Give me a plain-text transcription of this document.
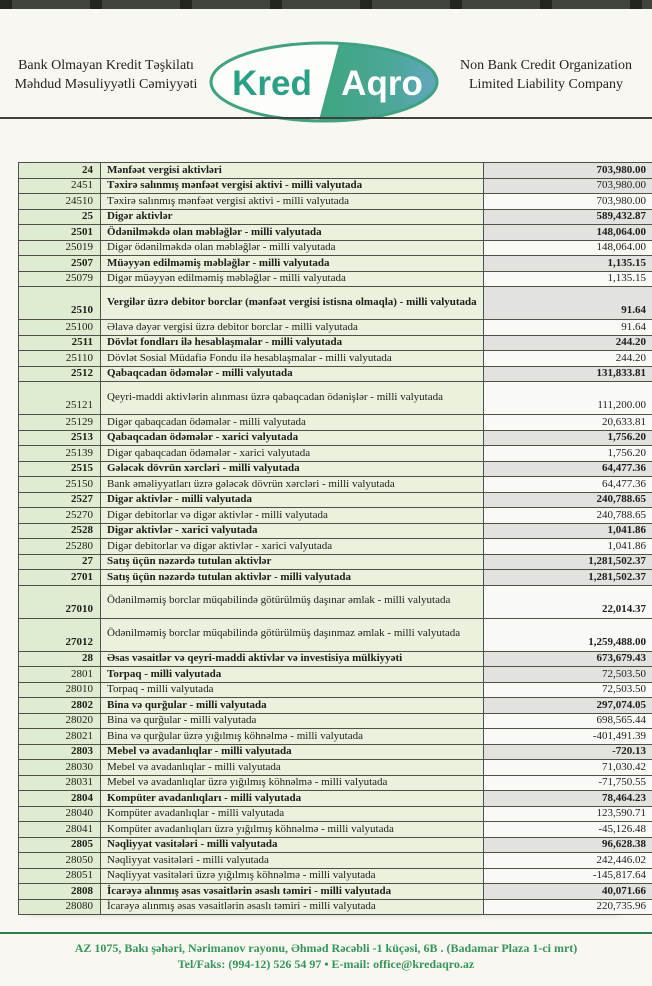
Bank Olmayan Kredit Təşkilatı
Məhdud Məsuliyyətli Cəmiyyəti Kred Aqro	Non Bank Credit Organization
Limited Liability Company
24	Mənfəət vergisi aktivləri	703,980.00
2451	Təxirə salınmış mənfəət vergisi aktivi - milli valyutada	703,980.00
24510	Təxirə salınmış mənfəət vergisi aktivi - milli valyutada	703,980.00
25	Digər aktivlər	589,432.87
2501	Ödənilməkdə olan məbləğlər - milli valyutada	148,064.00
25019	Digər ödənilməkdə olan məbləğlər - milli valyutada	148,064.00
2507	Müəyyən edilməmiş məbləğlər - milli valyutada	1,135.15
25079	Digər müəyyən edilməmiş məbləğlər - milli valyutada	1,135.15
2510	Vergilər üzrə debitor borclar (mənfəət vergisi istisna olmaqla) - milli valyutada	91.64
25100	Əlavə dəyər vergisi üzrə debitor borclar - milli valyutada	91.64
2511	Dövlət fondları ilə hesablaşmalar - milli valyutada	244.20
25110	Dövlət Sosial Müdafiə Fondu ilə hesablaşmalar - milli valyutada	244.20
2512	Qabaqcadan ödəmələr - milli valyutada	131,833.81
25121	Qeyri-maddi aktivlərin alınması üzrə qabaqcadan ödənişlər - milli valyutada	111,200.00
25129	Digər qabaqcadan ödəmələr - milli valyutada	20,633.81
2513	Qabaqcadan ödəmələr - xarici valyutada	1,756.20
25139	Digər qabaqcadan ödəmələr - xarici valyutada	1,756.20
2515	Gələcək dövrün xərcləri - milli valyutada	64,477.36
25150	Bank əməliyyatları üzrə gələcək dövrün xərcləri - milli valyutada	64,477.36
2527	Digər aktivlər - milli valyutada	240,788.65
25270	Digər debitorlar və digər aktivlər - milli valyutada	240,788.65
2528	Digər aktivlər - xarici valyutada	1,041.86
25280	Digər debitorlar və digər aktivlər - xarici valyutada	1,041.86
27	Satış üçün nəzərdə tutulan aktivlər	1,281,502.37
2701	Satış üçün nəzərdə tutulan aktivlər - milli valyutada	1,281,502.37
27010	Ödənilməmiş borclar müqabilində götürülmüş daşınar əmlak - milli valyutada	22,014.37
27012	Ödənilməmiş borclar müqabilində götürülmüş daşınmaz əmlak - milli valyutada	1,259,488.00
28	Əsas vəsaitlər və qeyri-maddi aktivlər və investisiya mülkiyyəti	673,679.43
2801	Torpaq - milli valyutada	72,503.50
28010	Torpaq - milli valyutada	72,503.50
2802	Bina və qurğular - milli valyutada	297,074.05
28020	Bina və qurğular - milli valyutada	698,565.44
28021	Bina və qurğular üzrə yığılmış köhnəlmə - milli valyutada	-401,491.39
2803	Mebel və avadanlıqlar - milli valyutada	-720.13
28030	Mebel və avadanlıqlar - milli valyutada	71,030.42
28031	Mebel və avadanlıqlar üzrə yığılmış köhnəlmə - milli valyutada	-71,750.55
2804	Kompüter avadanlıqları - milli valyutada	78,464.23
28040	Kompüter avadanlıqlar - milli valyutada	123,590.71
28041	Kompüter avadanlıqları üzrə yığılmış köhnəlmə - milli valyutada	-45,126.48
2805	Nəqliyyat vasitələri - milli valyutada	96,628.38
28050	Nəqliyyat vasitələri - milli valyutada	242,446.02
28051	Nəqliyyat vasitələri üzrə yığılmış köhnəlmə - milli valyutada	-145,817.64
2808	İcarəyə alınmış əsas vəsaitlərin əsaslı təmiri - milli valyutada	40,071.66
28080	İcarəyə alınmış əsas vəsaitlərin əsaslı təmiri - milli valyutada	220,735.96
AZ 1075, Bakı şəhəri, Nərimanov rayonu, Əhməd Rəcəbli -1 küçəsi, 6B . (Badamar Plaza 1-ci mrt)
Tel/Faks: (994-12) 526 54 97 • E-mail: office@kredaqro.az
